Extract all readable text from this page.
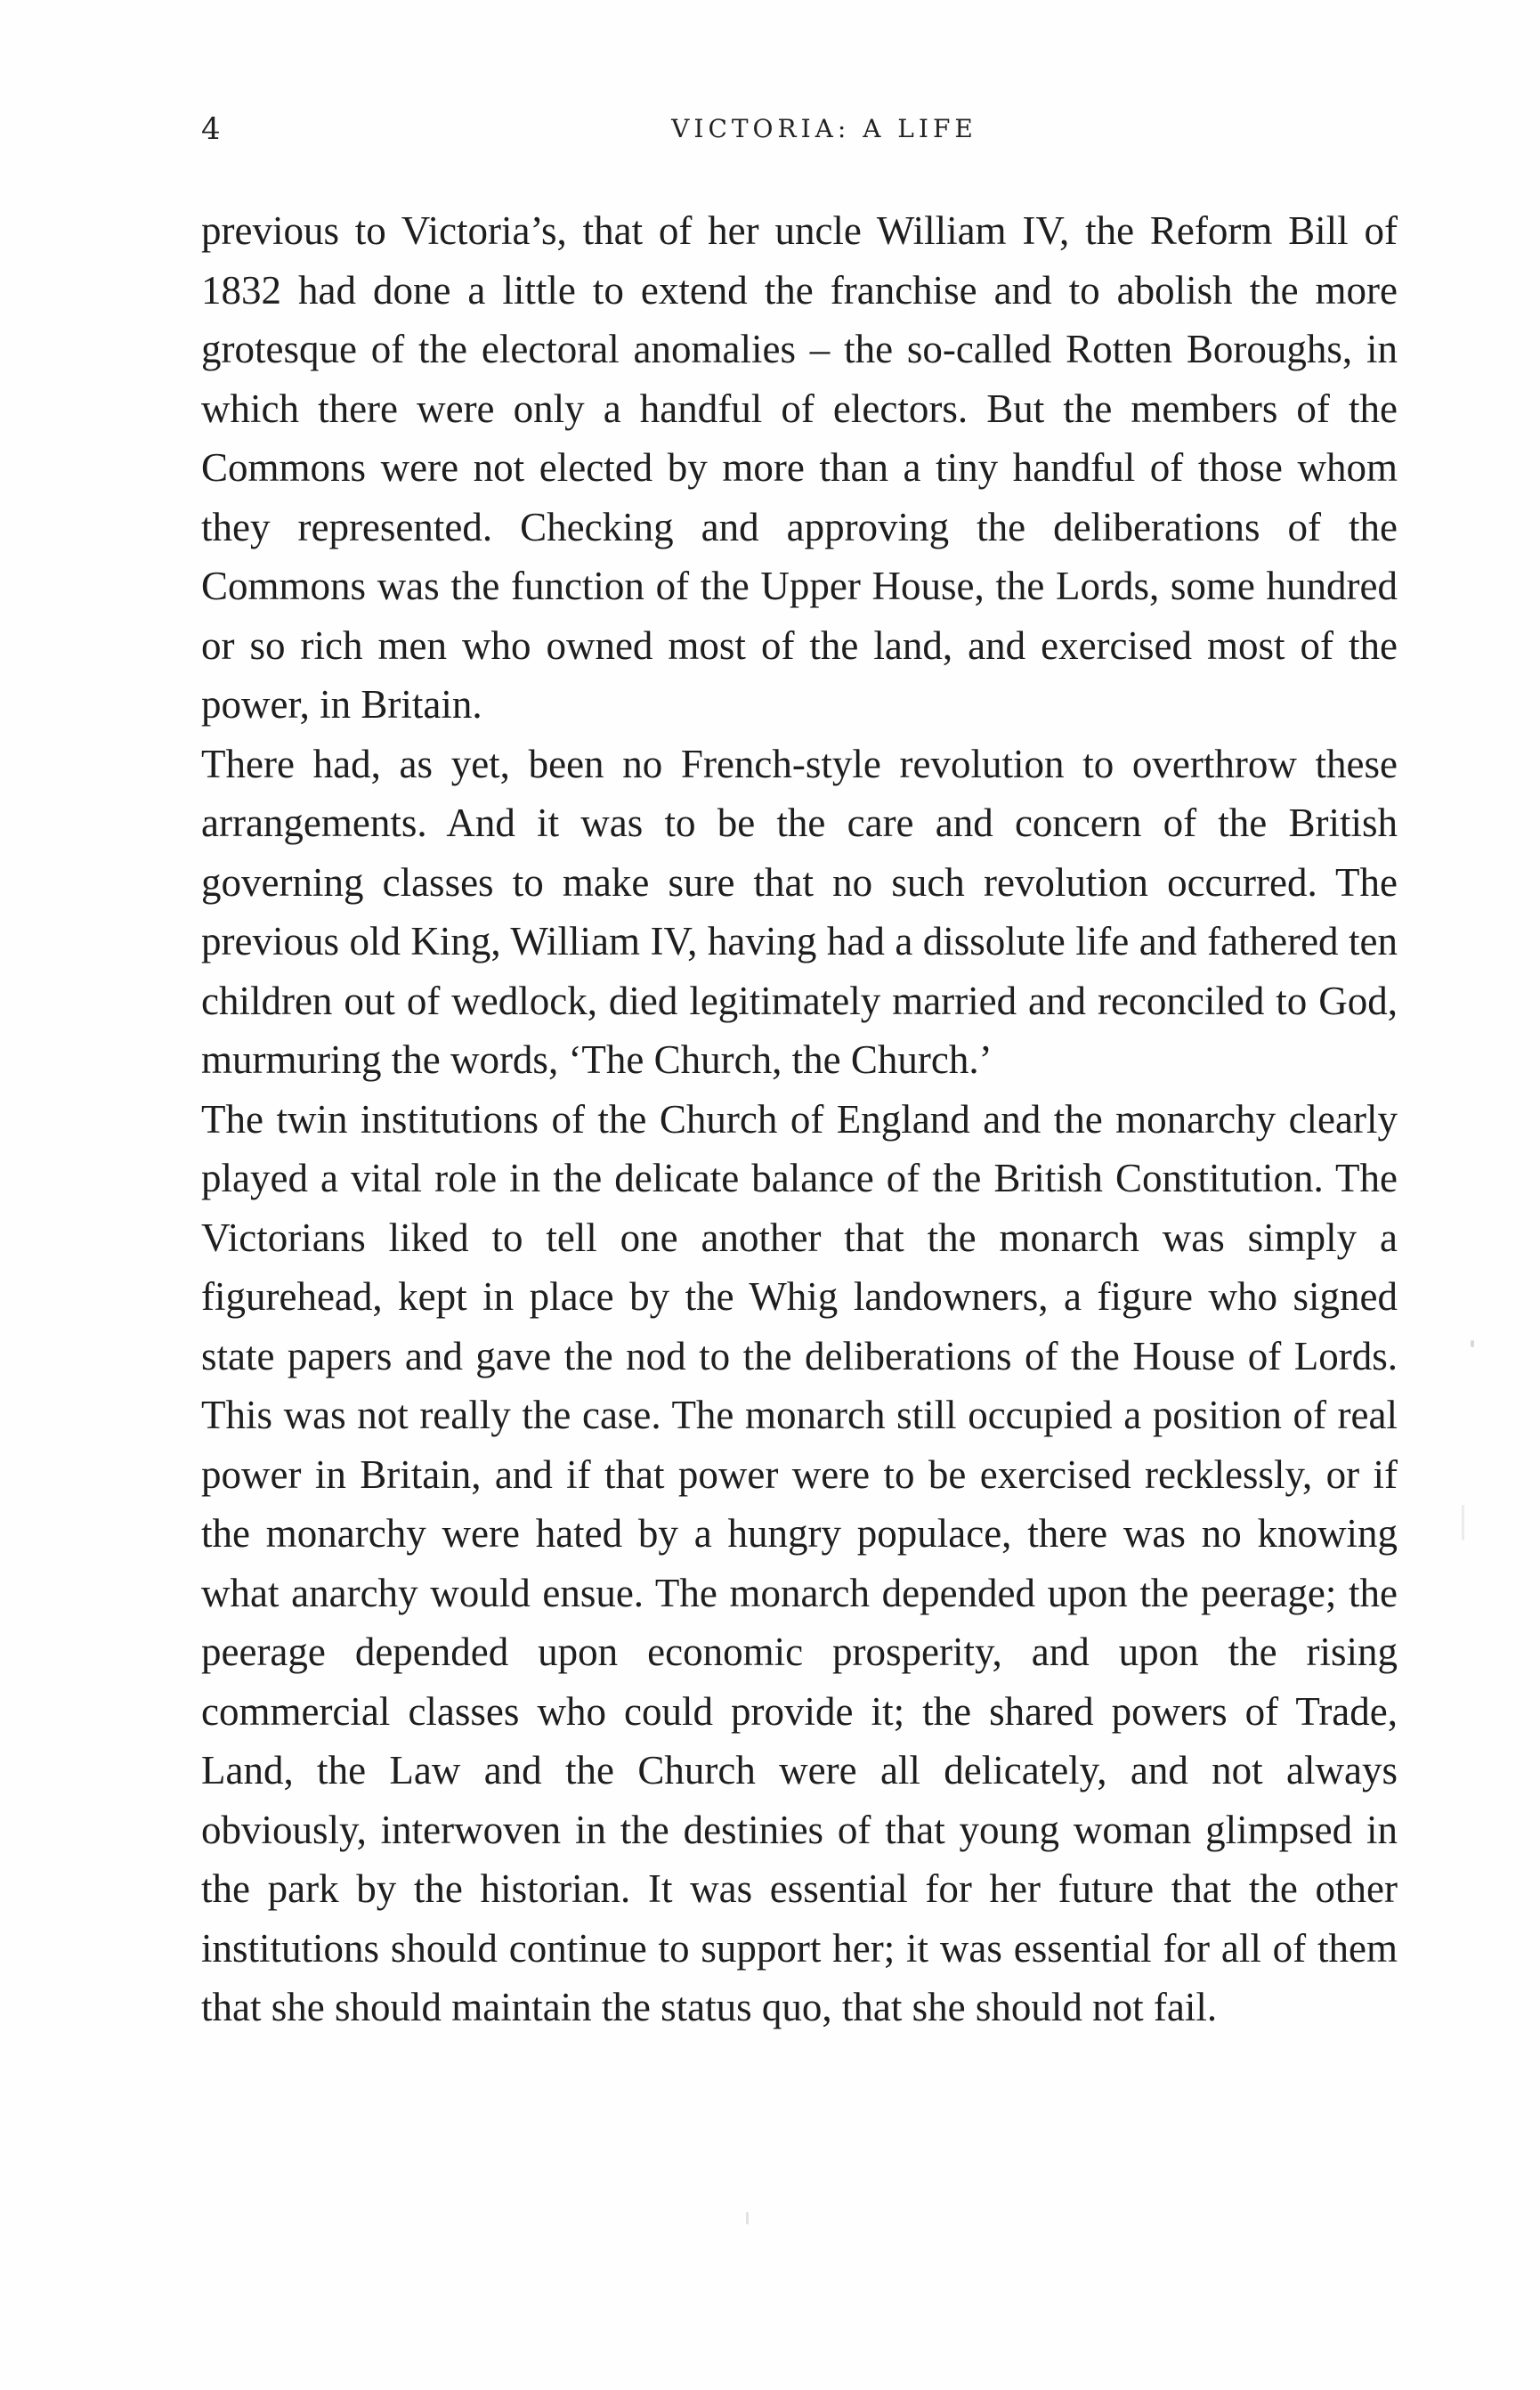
4	VICTORIA: A LIFE

previous to Victoria’s, that of her uncle William IV, the Reform Bill of 1832 had done a little to extend the franchise and to abolish the more grotesque of the electoral anomalies – the so-called Rotten Boroughs, in which there were only a handful of electors. But the members of the Commons were not elected by more than a tiny handful of those whom they represented. Checking and approving the deliberations of the Commons was the function of the Upper House, the Lords, some hundred or so rich men who owned most of the land, and exercised most of the power, in Britain.

There had, as yet, been no French-style revolution to overthrow these arrangements. And it was to be the care and concern of the British governing classes to make sure that no such revolution occurred. The previous old King, William IV, having had a dissolute life and fathered ten children out of wedlock, died legitimately married and reconciled to God, murmuring the words, ‘The Church, the Church.’

The twin institutions of the Church of England and the monarchy clearly played a vital role in the delicate balance of the British Constitution. The Victorians liked to tell one another that the monarch was simply a figurehead, kept in place by the Whig landowners, a figure who signed state papers and gave the nod to the deliberations of the House of Lords. This was not really the case. The monarch still occupied a position of real power in Britain, and if that power were to be exercised recklessly, or if the monarchy were hated by a hungry populace, there was no knowing what anarchy would ensue. The monarch depended upon the peerage; the peerage depended upon economic prosperity, and upon the rising commercial classes who could provide it; the shared powers of Trade, Land, the Law and the Church were all delicately, and not always obviously, interwoven in the destinies of that young woman glimpsed in the park by the historian. It was essential for her future that the other institutions should continue to support her; it was essential for all of them that she should maintain the status quo, that she should not fail.
